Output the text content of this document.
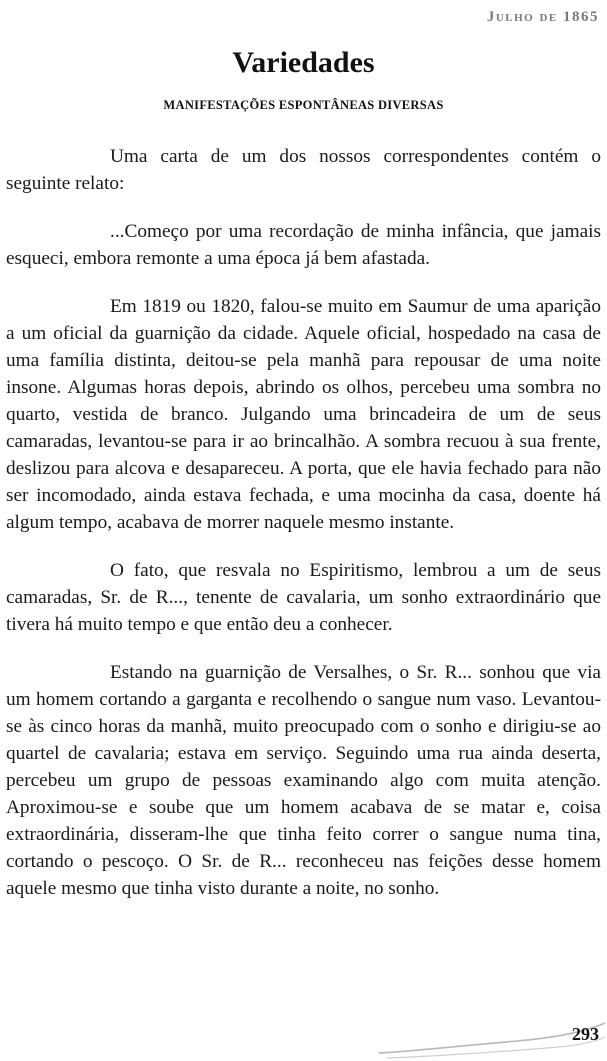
Julho de 1865
Variedades
MANIFESTAÇÕES ESPONTÂNEAS DIVERSAS

Uma carta de um dos nossos correspondentes contém o seguinte relato:

...Começo por uma recordação de minha infância, que jamais esqueci, embora remonte a uma época já bem afastada.

Em 1819 ou 1820, falou-se muito em Saumur de uma aparição a um oficial da guarnição da cidade. Aquele oficial, hospedado na casa de uma família distinta, deitou-se pela manhã para repousar de uma noite insone. Algumas horas depois, abrindo os olhos, percebeu uma sombra no quarto, vestida de branco. Julgando uma brincadeira de um de seus camaradas, levantou-se para ir ao brincalhão. A sombra recuou à sua frente, deslizou para alcova e desapareceu. A porta, que ele havia fechado para não ser incomodado, ainda estava fechada, e uma mocinha da casa, doente há algum tempo, acabava de morrer naquele mesmo instante.

O fato, que resvala no Espiritismo, lembrou a um de seus camaradas, Sr. de R..., tenente de cavalaria, um sonho extraordinário que tivera há muito tempo e que então deu a conhecer.

Estando na guarnição de Versalhes, o Sr. R... sonhou que via um homem cortando a garganta e recolhendo o sangue num vaso. Levantou-se às cinco horas da manhã, muito preocupado com o sonho e dirigiu-se ao quartel de cavalaria; estava em serviço. Seguindo uma rua ainda deserta, percebeu um grupo de pessoas examinando algo com muita atenção. Aproximou-se e soube que um homem acabava de se matar e, coisa extraordinária, disseram-lhe que tinha feito correr o sangue numa tina, cortando o pescoço. O Sr. de R... reconheceu nas feições desse homem aquele mesmo que tinha visto durante a noite, no sonho.

293
